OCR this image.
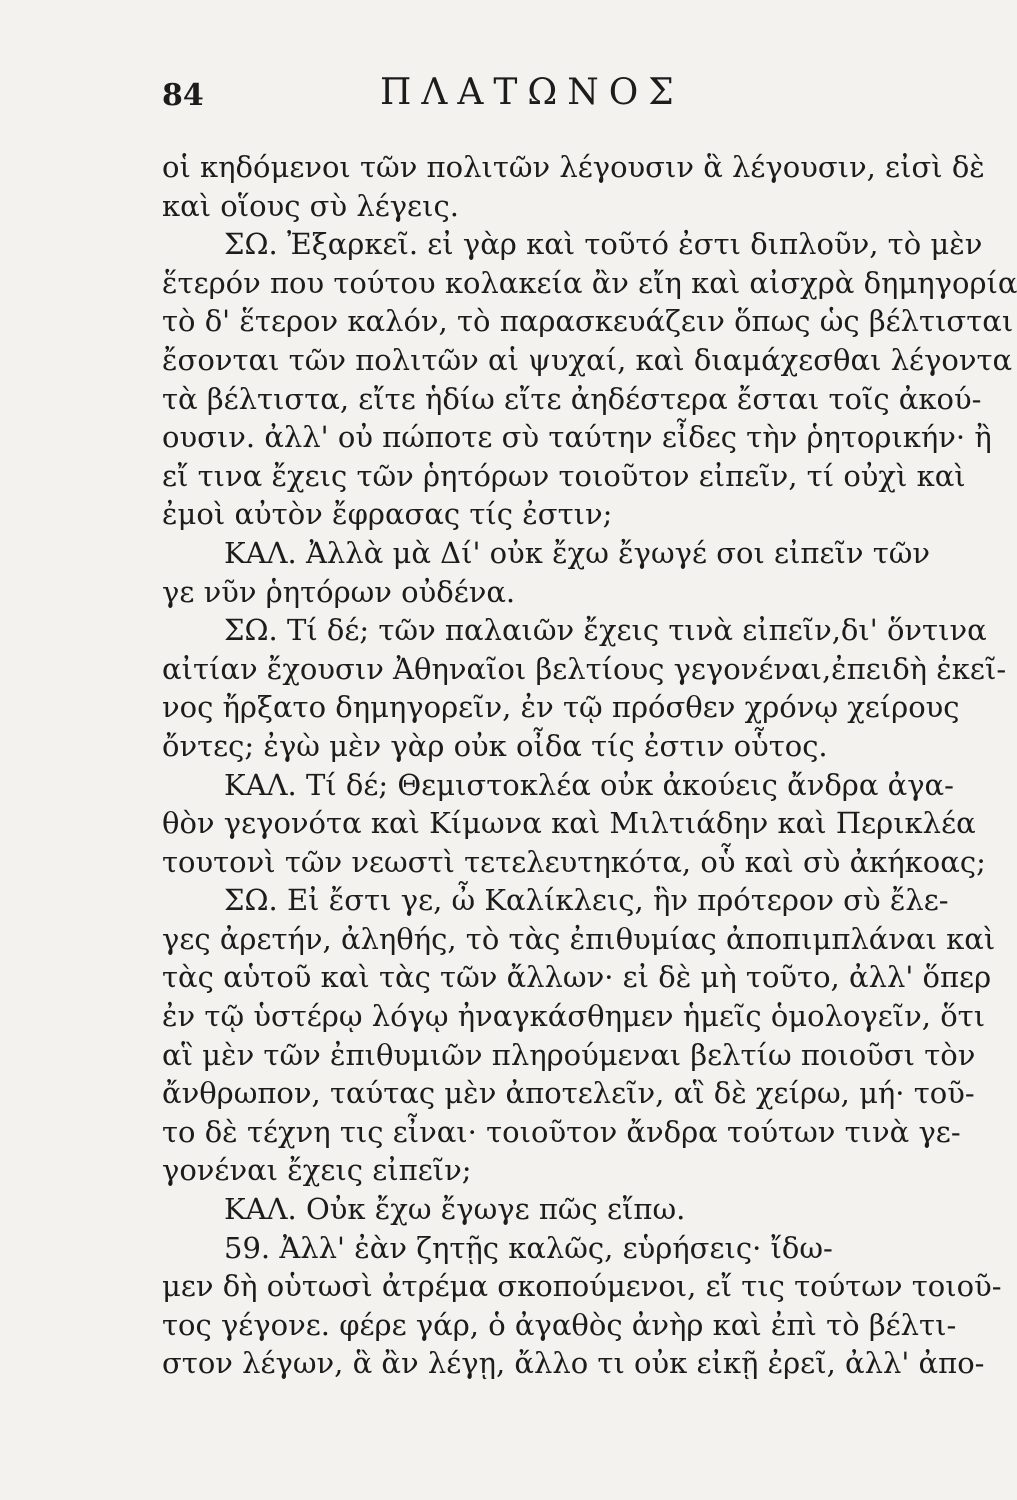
84	ΠΛΑΤΩΝΟΣ
οἱ κηδόμενοι τῶν πολιτῶν λέγουσιν ἃ λέγουσιν, εἰσὶ δὲ
καὶ οἵους σὺ λέγεις.
ΣΩ. Ἐξαρκεῖ. εἰ γὰρ καὶ τοῦτό ἐστι διπλοῦν, τὸ μὲν
ἕτερόν που τούτου κολακεία ἂν εἴη καὶ αἰσχρὰ δημηγορία
τὸ δ' ἕτερον καλόν, τὸ παρασκευάζειν ὅπως ὡς βέλτισται
ἔσονται τῶν πολιτῶν αἱ ψυχαί, καὶ διαμάχεσθαι λέγοντα
τὰ βέλτιστα, εἴτε ἡδίω εἴτε ἀηδέστερα ἔσται τοῖς ἀκού-
ουσιν. ἀλλ' οὐ πώποτε σὺ ταύτην εἶδες τὴν ῥητορικήν· ἢ
εἴ τινα ἔχεις τῶν ῥητόρων τοιοῦτον εἰπεῖν, τί οὐχὶ καὶ
ἐμοὶ αὐτὸν ἔφρασας τίς ἐστιν;
ΚΑΛ. Ἀλλὰ μὰ Δί' οὐκ ἔχω ἔγωγέ σοι εἰπεῖν τῶν
γε νῦν ῥητόρων οὐδένα.
ΣΩ. Τί δέ; τῶν παλαιῶν ἔχεις τινὰ εἰπεῖν,δι' ὅντινα
αἰτίαν ἔχουσιν Ἀθηναῖοι βελτίους γεγονέναι,ἐπειδὴ ἐκεῖ-
νος ἤρξατο δημηγορεῖν, ἐν τῷ πρόσθεν χρόνῳ χείρους
ὄντες; ἐγὼ μὲν γὰρ οὐκ οἶδα τίς ἐστιν οὗτος.
ΚΑΛ. Τί δέ; Θεμιστοκλέα οὐκ ἀκούεις ἄνδρα ἀγα-
θὸν γεγονότα καὶ Κίμωνα καὶ Μιλτιάδην καὶ Περικλέα
τουτονὶ τῶν νεωστὶ τετελευτηκότα, οὗ καὶ σὺ ἀκήκοας;
ΣΩ. Εἰ ἔστι γε, ὦ Καλίκλεις, ἣν πρότερον σὺ ἔλε-
γες ἀρετήν, ἀληθής, τὸ τὰς ἐπιθυμίας ἀποπιμπλάναι καὶ
τὰς αὑτοῦ καὶ τὰς τῶν ἄλλων· εἰ δὲ μὴ τοῦτο, ἀλλ' ὅπερ
ἐν τῷ ὑστέρῳ λόγῳ ἠναγκάσθημεν ἡμεῖς ὁμολογεῖν, ὅτι
αἳ μὲν τῶν ἐπιθυμιῶν πληρούμεναι βελτίω ποιοῦσι τὸν
ἄνθρωπον, ταύτας μὲν ἀποτελεῖν, αἳ δὲ χείρω, μή· τοῦ-
το δὲ τέχνη τις εἶναι· τοιοῦτον ἄνδρα τούτων τινὰ γε-
γονέναι ἔχεις εἰπεῖν;
ΚΑΛ. Οὐκ ἔχω ἔγωγε πῶς εἴπω.
59. Ἀλλ' ἐὰν ζητῇς καλῶς, εὑρήσεις· ἴδω-
μεν δὴ οὑτωσὶ ἀτρέμα σκοπούμενοι, εἴ τις τούτων τοιοῦ-
τος γέγονε. φέρε γάρ, ὁ ἀγαθὸς ἀνὴρ καὶ ἐπὶ τὸ βέλτι-
στον λέγων, ἃ ἂν λέγῃ, ἄλλο τι οὐκ εἰκῇ ἐρεῖ, ἀλλ' ἀπο-
